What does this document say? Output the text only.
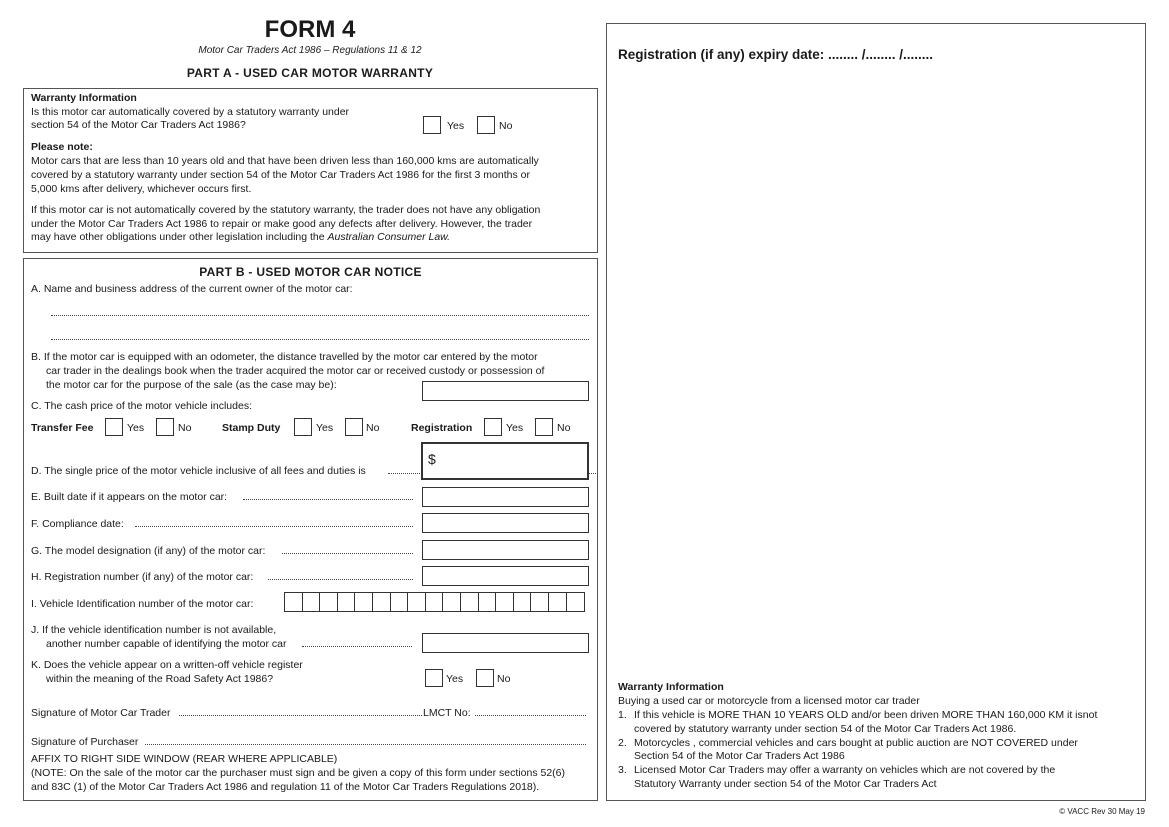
FORM 4
Motor Car Traders Act 1986 – Regulations 11 & 12
PART A - USED CAR MOTOR WARRANTY
Warranty Information
Is this motor car automatically covered by a statutory warranty under
section 54 of the Motor Car Traders Act 1986?	Yes	No
Please note:
Motor cars that are less than 10 years old and that have been driven less than 160,000 kms are automatically
covered by a statutory warranty under section 54 of the Motor Car Traders Act 1986 for the first 3 months or
5,000 kms after delivery, whichever occurs first.
If this motor car is not automatically covered by the statutory warranty, the trader does not have any obligation
under the Motor Car Traders Act 1986 to repair or make good any defects after delivery. However, the trader
may have other obligations under other legislation including the Australian Consumer Law.
PART B - USED MOTOR CAR NOTICE
A. Name and business address of the current owner of the motor car:
B. If the motor car is equipped with an odometer, the distance travelled by the motor car entered by the motor
car trader in the dealings book when the trader acquired the motor car or received custody or possession of
the motor car for the purpose of the sale (as the case may be):
C. The cash price of the motor vehicle includes:
Transfer Fee	Yes	No	Stamp Duty	Yes	No	Registration	Yes	No
D. The single price of the motor vehicle inclusive of all fees and duties is
$
E. Built date if it appears on the motor car:
F. Compliance date:
G. The model designation (if any) of the motor car:
H. Registration number (if any) of the motor car:
I. Vehicle Identification number of the motor car:
J. If the vehicle identification number is not available,
another number capable of identifying the motor car
K. Does the vehicle appear on a written-off vehicle register
within the meaning of the Road Safety Act 1986?	Yes	No
Signature of Motor Car Trader	LMCT No:
Signature of Purchaser
AFFIX TO RIGHT SIDE WINDOW (REAR WHERE APPLICABLE)
(NOTE: On the sale of the motor car the purchaser must sign and be given a copy of this form under sections 52(6)
and 83C (1) of the Motor Car Traders Act 1986 and regulation 11 of the Motor Car Traders Regulations 2018).
Registration (if any) expiry date: ........ /........ /........
Warranty Information
Buying a used car or motorcycle from a licensed motor car trader
1. If this vehicle is MORE THAN 10 YEARS OLD and/or been driven MORE THAN 160,000 KM it isnot
covered by statutory warranty under section 54 of the Motor Car Traders Act 1986.
2. Motorcycles , commercial vehicles and cars bought at public auction are NOT COVERED under
Section 54 of the Motor Car Traders Act 1986
3. Licensed Motor Car Traders may offer a warranty on vehicles which are not covered by the
Statutory Warranty under section 54 of the Motor Car Traders Act
© VACC Rev 30 May 19
